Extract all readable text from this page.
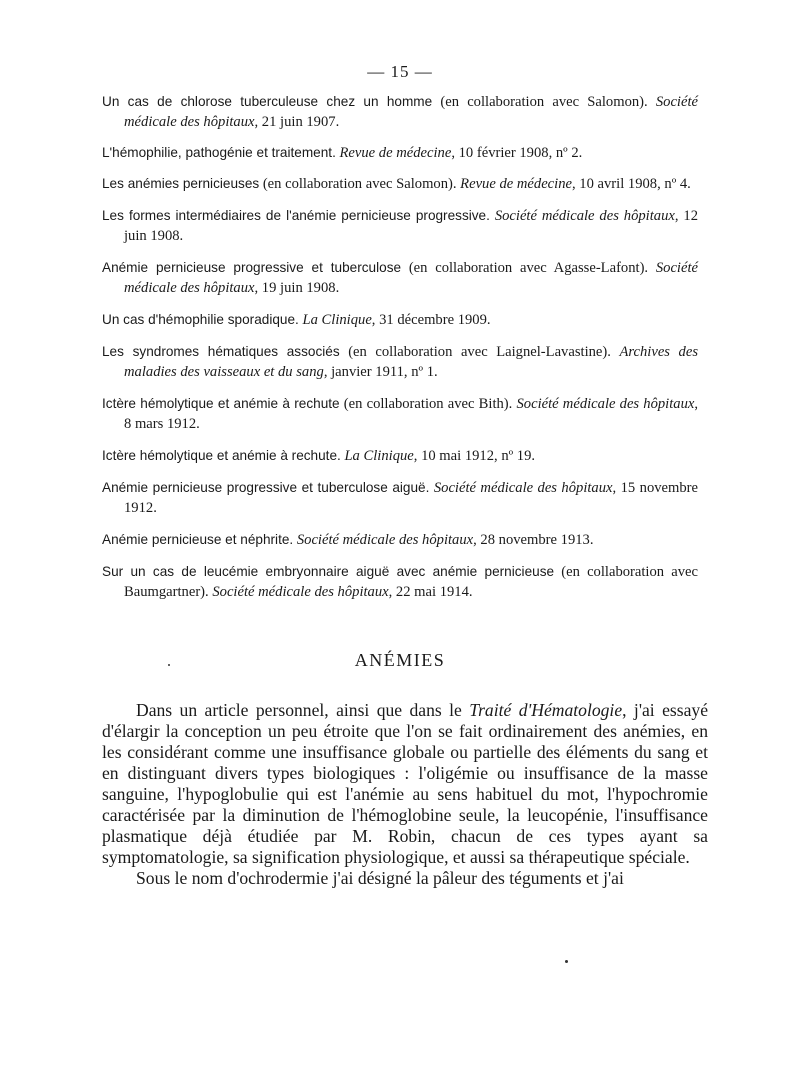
— 15 —
Un cas de chlorose tuberculeuse chez un homme (en collaboration avec Salomon). Société médicale des hôpitaux, 21 juin 1907.
L'hémophilie, pathogénie et traitement. Revue de médecine, 10 février 1908, nº 2.
Les anémies pernicieuses (en collaboration avec Salomon). Revue de médecine, 10 avril 1908, nº 4.
Les formes intermédiaires de l'anémie pernicieuse progressive. Société médicale des hôpitaux, 12 juin 1908.
Anémie pernicieuse progressive et tuberculose (en collaboration avec Agasse-Lafont). Société médicale des hôpitaux, 19 juin 1908.
Un cas d'hémophilie sporadique. La Clinique, 31 décembre 1909.
Les syndromes hématiques associés (en collaboration avec Laignel-Lavastine). Archives des maladies des vaisseaux et du sang, janvier 1911, nº 1.
Ictère hémolytique et anémie à rechute (en collaboration avec Bith). Société médicale des hôpitaux, 8 mars 1912.
Ictère hémolytique et anémie à rechute. La Clinique, 10 mai 1912, nº 19.
Anémie pernicieuse progressive et tuberculose aiguë. Société médicale des hôpitaux, 15 novembre 1912.
Anémie pernicieuse et néphrite. Société médicale des hôpitaux, 28 novembre 1913.
Sur un cas de leucémie embryonnaire aiguë avec anémie pernicieuse (en collaboration avec Baumgartner). Société médicale des hôpitaux, 22 mai 1914.
ANÉMIES

Dans un article personnel, ainsi que dans le Traité d'Hématologie, j'ai essayé d'élargir la conception un peu étroite que l'on se fait ordinairement des anémies, en les considérant comme une insuffisance globale ou partielle des éléments du sang et en distinguant divers types biologiques : l'oligémie ou insuffisance de la masse sanguine, l'hypoglobulie qui est l'anémie au sens habituel du mot, l'hypochromie caractérisée par la diminution de l'hémoglobine seule, la leucopénie, l'insuffisance plasmatique déjà étudiée par M. Robin, chacun de ces types ayant sa symptomatologie, sa signification physiologique, et aussi sa thérapeutique spéciale.

Sous le nom d'ochrodermie j'ai désigné la pâleur des téguments et j'ai
